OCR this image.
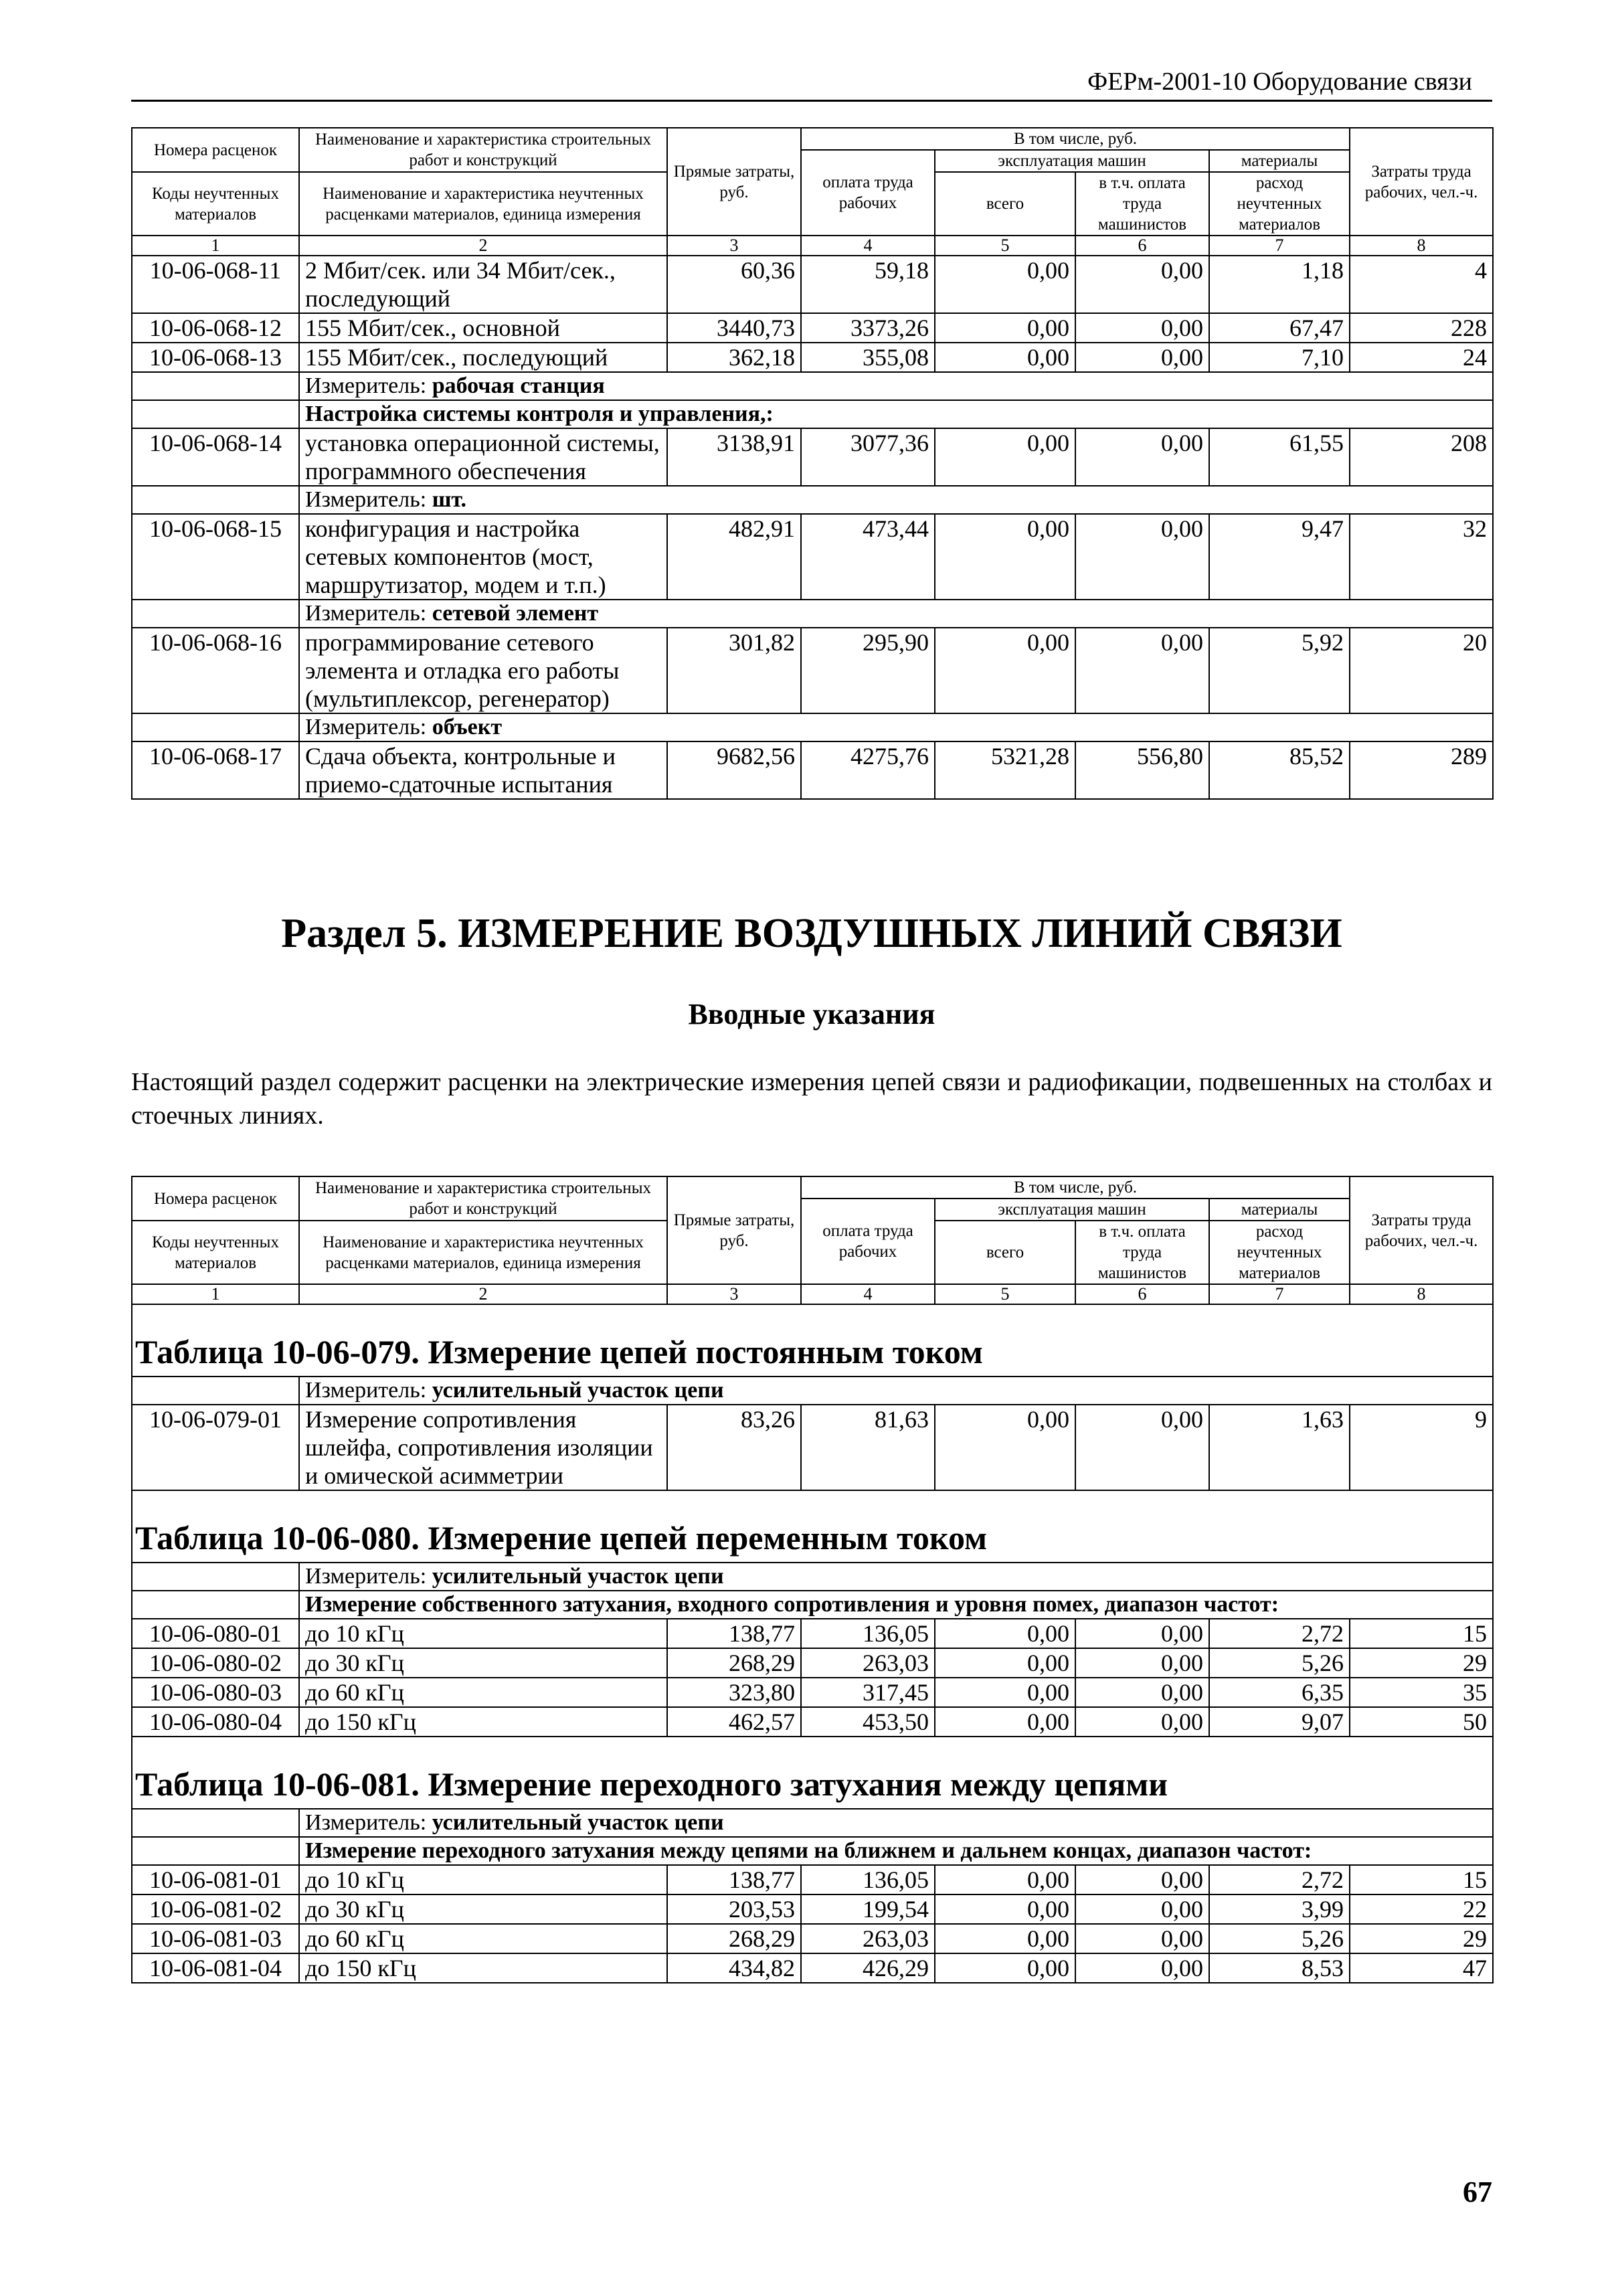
ФЕРм-2001-10 Оборудование связи
Номера расценок	Наименование и характеристика строительных работ и конструкций	Прямые затраты, руб.	В том числе, руб.				Затраты труда рабочих, чел.-ч.
			оплата труда рабочих	эксплуатация машин		материалы	
Коды неучтенных материалов	Наименование и характеристика неучтенных расценками материалов, единица измерения			всего	в т.ч. оплата труда машинистов	расход неучтенных материалов	

1	2	3	4	5	6	7	8
10-06-068-11	2 Мбит/сек. или 34 Мбит/сек., последующий	60,36	59,18	0,00	0,00	1,18	4
10-06-068-12	155 Мбит/сек., основной	3440,73	3373,26	0,00	0,00	67,47	228
10-06-068-13	155 Мбит/сек., последующий	362,18	355,08	0,00	0,00	7,10	24
	Измеритель: рабочая станция						
	Настройка системы контроля и управления,:						
10-06-068-14	установка операционной системы, программного обеспечения	3138,91	3077,36	0,00	0,00	61,55	208
	Измеритель: шт.						
10-06-068-15	конфигурация и настройка сетевых компонентов (мост, маршрутизатор, модем и т.п.)	482,91	473,44	0,00	0,00	9,47	32
	Измеритель: сетевой элемент						
10-06-068-16	программирование сетевого элемента и отладка его работы (мультиплексор, регенератор)	301,82	295,90	0,00	0,00	5,92	20
	Измеритель: объект						
10-06-068-17	Сдача объекта, контрольные и приемо-сдаточные испытания	9682,56	4275,76	5321,28	556,80	85,52	289
Раздел 5. ИЗМЕРЕНИЕ ВОЗДУШНЫХ ЛИНИЙ СВЯЗИ
Вводные указания
Настоящий раздел содержит расценки на электрические измерения цепей связи и радиофикации, подвешенных на столбах и стоечных линиях.
Номера расценок	Наименование и характеристика строительных работ и конструкций	Прямые затраты, руб.	В том числе, руб.				Затраты труда рабочих, чел.-ч.
			оплата труда рабочих	эксплуатация машин		материалы	
Коды неучтенных материалов	Наименование и характеристика неучтенных расценками материалов, единица измерения			всего	в т.ч. оплата труда машинистов	расход неучтенных материалов	

1	2	3	4	5	6	7	8
Таблица 10-06-079. Измерение цепей постоянным током							
	Измеритель: усилительный участок цепи						
10-06-079-01	Измерение сопротивления шлейфа, сопротивления изоляции и омической асимметрии	83,26	81,63	0,00	0,00	1,63	9
Таблица 10-06-080. Измерение цепей переменным током							
	Измеритель: усилительный участок цепи						
	Измерение собственного затухания, входного сопротивления и уровня помех, диапазон частот:						
10-06-080-01	до 10 кГц	138,77	136,05	0,00	0,00	2,72	15
10-06-080-02	до 30 кГц	268,29	263,03	0,00	0,00	5,26	29
10-06-080-03	до 60 кГц	323,80	317,45	0,00	0,00	6,35	35
10-06-080-04	до 150 кГц	462,57	453,50	0,00	0,00	9,07	50
Таблица 10-06-081. Измерение переходного затухания между цепями							
	Измеритель: усилительный участок цепи						
	Измерение переходного затухания между цепями на ближнем и дальнем концах, диапазон частот:						
10-06-081-01	до 10 кГц	138,77	136,05	0,00	0,00	2,72	15
10-06-081-02	до 30 кГц	203,53	199,54	0,00	0,00	3,99	22
10-06-081-03	до 60 кГц	268,29	263,03	0,00	0,00	5,26	29
10-06-081-04	до 150 кГц	434,82	426,29	0,00	0,00	8,53	47
67
